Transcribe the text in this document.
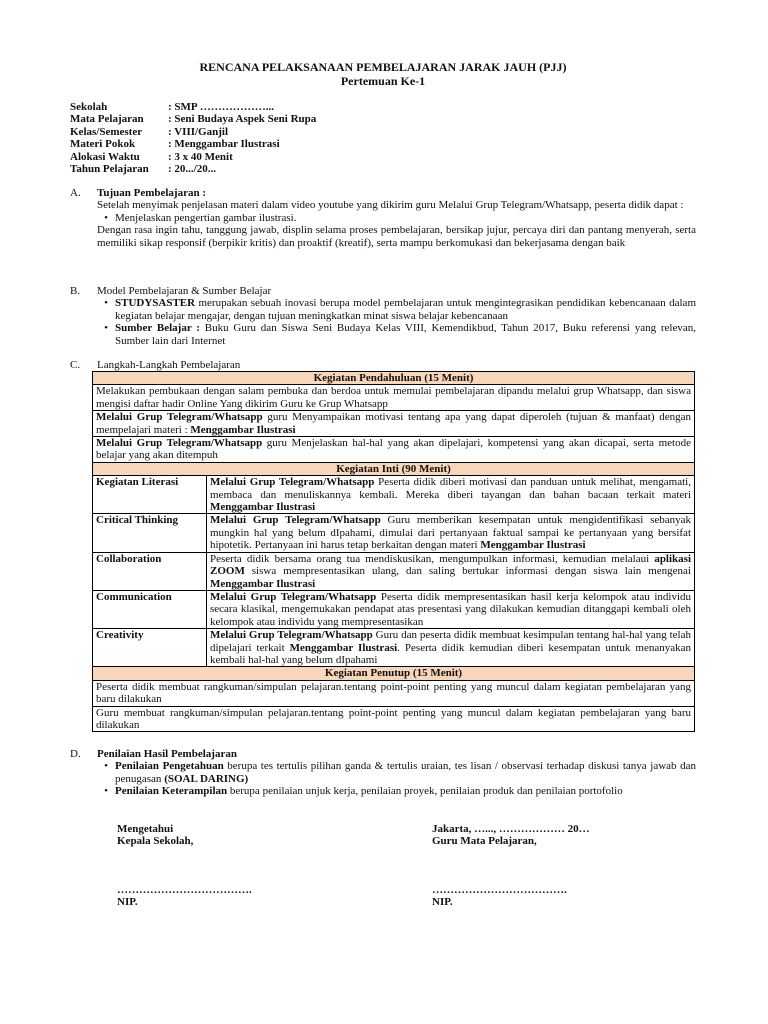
RENCANA PELAKSANAAN PEMBELAJARAN JARAK JAUH (PJJ)
Pertemuan Ke-1
Sekolah	: SMP ………………...
Mata Pelajaran	: Seni Budaya Aspek Seni Rupa
Kelas/Semester	: VIII/Ganjil
Materi Pokok	: Menggambar Ilustrasi
Alokasi Waktu	: 3 x 40 Menit
Tahun Pelajaran	: 20.../20...
A.	Tujuan Pembelajaran :
Setelah menyimak penjelasan materi dalam video youtube yang dikirim guru Melalui Grup Telegram/Whatsapp, peserta didik dapat :
• Menjelaskan pengertian gambar ilustrasi.
Dengan rasa ingin tahu, tanggung jawab, displin selama proses pembelajaran, bersikap jujur, percaya diri dan pantang menyerah, serta memiliki sikap responsif (berpikir kritis) dan proaktif (kreatif), serta mampu berkomukasi dan bekerjasama dengan baik
B.	Model Pembelajaran & Sumber Belajar
• STUDYSASTER merupakan sebuah inovasi berupa model pembelajaran untuk mengintegrasikan pendidikan kebencanaan dalam kegiatan belajar mengajar, dengan tujuan meningkatkan minat siswa belajar kebencanaan
• Sumber Belajar : Buku Guru dan Siswa Seni Budaya Kelas VIII, Kemendikbud, Tahun 2017, Buku referensi yang relevan, Sumber lain dari Internet
C.	Langkah-Langkah Pembelajaran
Kegiatan Pendahuluan (15 Menit)	
Melakukan pembukaan dengan salam pembuka dan berdoa untuk memulai pembelajaran dipandu melalui grup Whatsapp, dan siswa mengisi daftar hadir Online Yang dikirim Guru ke Grup Whatsapp	
Melalui Grup Telegram/Whatsapp guru Menyampaikan motivasi tentang apa yang dapat diperoleh (tujuan & manfaat) dengan mempelajari materi : Menggambar Ilustrasi	
Melalui Grup Telegram/Whatsapp guru Menjelaskan hal-hal yang akan dipelajari, kompetensi yang akan dicapai, serta metode belajar yang akan ditempuh	
Kegiatan Inti (90 Menit)	
Kegiatan Literasi	Melalui Grup Telegram/Whatsapp Peserta didik diberi motivasi dan panduan untuk melihat, mengamati, membaca dan menuliskannya kembali. Mereka diberi tayangan dan bahan bacaan terkait materi Menggambar Ilustrasi
Critical Thinking	Melalui Grup Telegram/Whatsapp Guru memberikan kesempatan untuk mengidentifikasi sebanyak mungkin hal yang belum dIpahami, dimulai dari pertanyaan faktual sampai ke pertanyaan yang bersifat hipotetik. Pertanyaan ini harus tetap berkaitan dengan materi Menggambar Ilustrasi
Collaboration	Peserta didik bersama orang tua mendiskusikan, mengumpulkan informasi, kemudian melalaui aplikasi ZOOM siswa mempresentasikan ulang, dan saling bertukar informasi dengan siswa lain mengenai Menggambar Ilustrasi
Communication	Melalui Grup Telegram/Whatsapp Peserta didik mempresentasikan hasil kerja kelompok atau individu secara klasikal, mengemukakan pendapat atas presentasi yang dilakukan kemudian ditanggapi kembali oleh kelompok atau individu yang mempresentasikan
Creativity	Melalui Grup Telegram/Whatsapp Guru dan peserta didik membuat kesimpulan tentang hal-hal yang telah dipelajari terkait Menggambar Ilustrasi. Peserta didik kemudian diberi kesempatan untuk menanyakan kembali hal-hal yang belum dIpahami
Kegiatan Penutup (15 Menit)	
Peserta didik membuat rangkuman/simpulan pelajaran.tentang point-point penting yang muncul dalam kegiatan pembelajaran yang baru dilakukan	
Guru membuat rangkuman/simpulan pelajaran.tentang point-point penting yang muncul dalam kegiatan pembelajaran yang baru dilakukan	
D.	Penilaian Hasil Pembelajaran
• Penilaian Pengetahuan berupa tes tertulis pilihan ganda & tertulis uraian, tes lisan / observasi terhadap diskusi tanya jawab dan penugasan (SOAL DARING)
• Penilaian Keterampilan berupa penilaian unjuk kerja, penilaian proyek, penilaian produk dan penilaian portofolio
Mengetahui
Kepala Sekolah,
……………………………….
NIP.
Jakarta, …..., ……………… 20…
Guru Mata Pelajaran,
……………………………….
NIP.
